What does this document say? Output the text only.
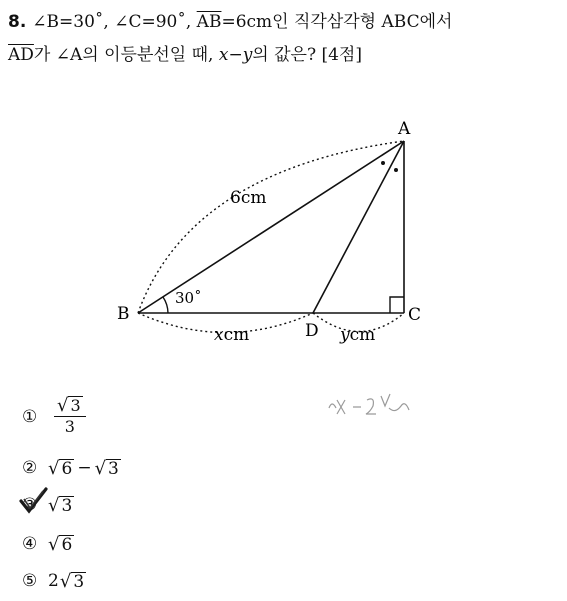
8. ∠B=30˚, ∠C=90˚, $\overline{AB}=6cm$인 직각삼각형 ABC에서
$\overline{AD}$가 ∠A의 이등분선일 때, x−y의 값은? [4점]
A
B	C
D
6cm
30˚
xcm	ycm
① $\frac{√ 3}{3}$
② √ 6 − √ 3
③ √ 3
④ √ 6
⑤ 2 √ 3
